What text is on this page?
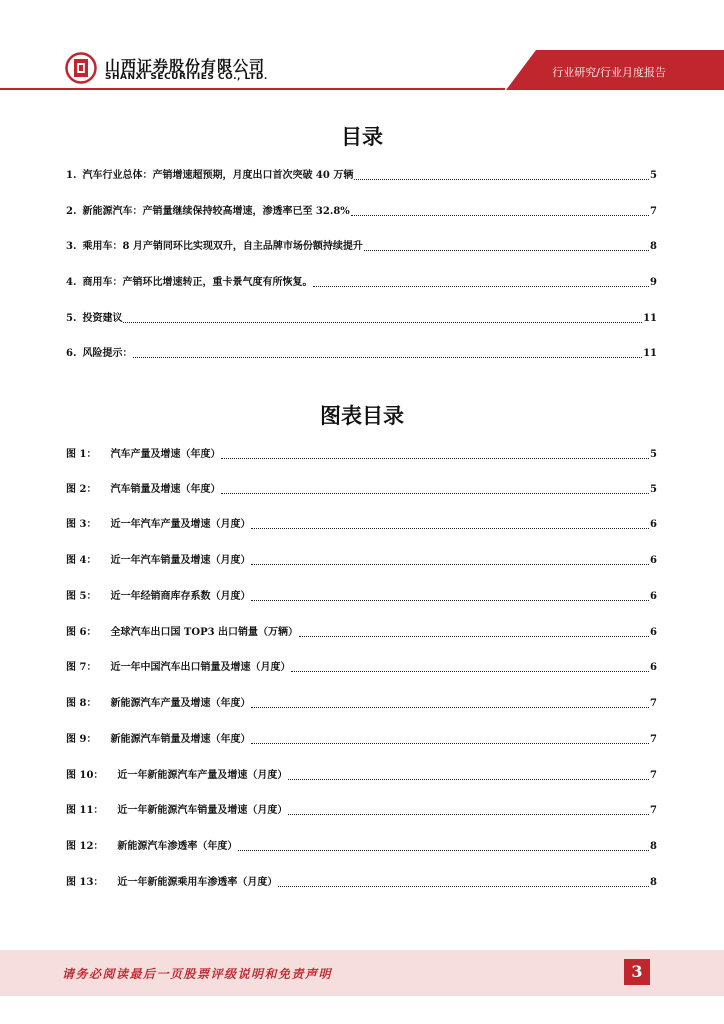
山西证券股份有限公司
SHANXI SECURITIES CO., LTD.	行业研究/行业月度报告
目录
1. 汽车行业总体：产销增速超预期，月度出口首次突破 40 万辆	5
2. 新能源汽车：产销量继续保持较高增速，渗透率已至 32.8%	7
3. 乘用车：8 月产销同环比实现双升，自主品牌市场份额持续提升	8
4. 商用车：产销环比增速转正，重卡景气度有所恢复。	9
5. 投资建议	11
6. 风险提示：	11
图表目录
图 1： 汽车产量及增速（年度）	5
图 2： 汽车销量及增速（年度）	5
图 3： 近一年汽车产量及增速（月度）	6
图 4： 近一年汽车销量及增速（月度）	6
图 5： 近一年经销商库存系数（月度）	6
图 6： 全球汽车出口国 TOP3 出口销量（万辆）	6
图 7： 近一年中国汽车出口销量及增速（月度）	6
图 8： 新能源汽车产量及增速（年度）	7
图 9： 新能源汽车销量及增速（年度）	7
图 10： 近一年新能源汽车产量及增速（月度）	7
图 11： 近一年新能源汽车销量及增速（月度）	7
图 12： 新能源汽车渗透率（年度）	8
图 13： 近一年新能源乘用车渗透率（月度）	8
请务必阅读最后一页股票评级说明和免责声明	3
